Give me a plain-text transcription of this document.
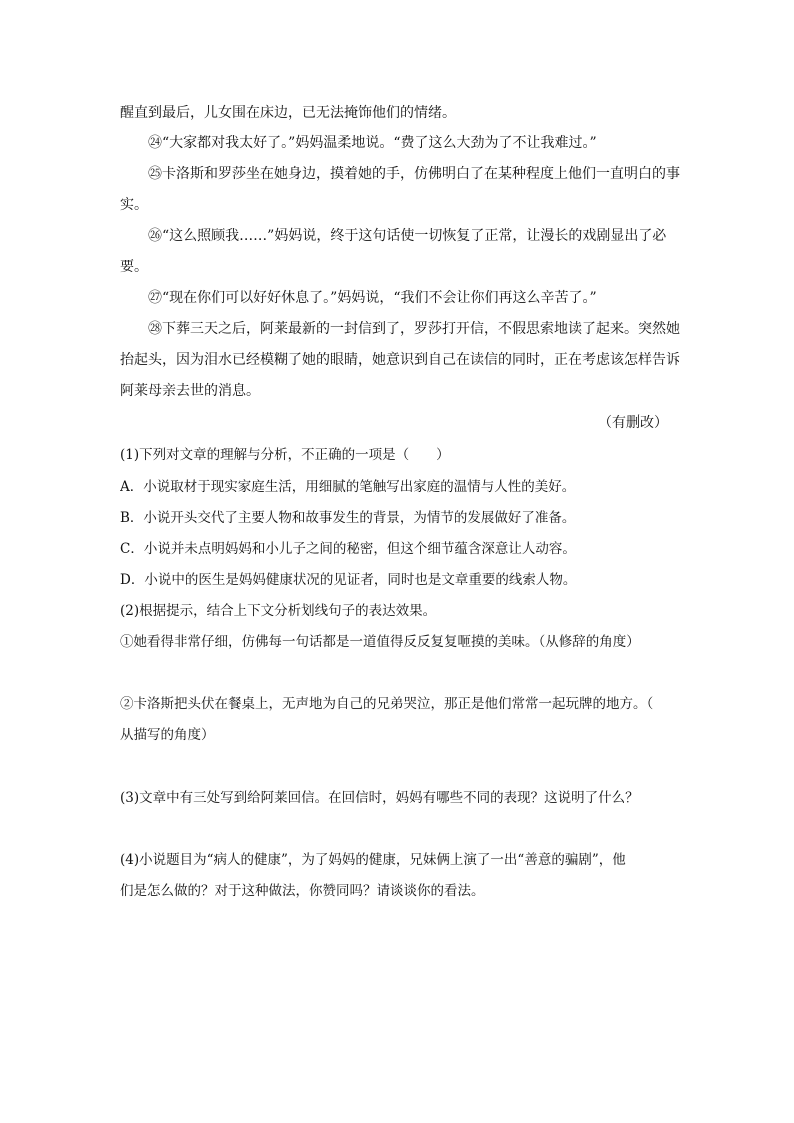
醒直到最后，儿女围在床边，已无法掩饰他们的情绪。
㉔“大家都对我太好了。”妈妈温柔地说。“费了这么大劲为了不让我难过。”
㉕卡洛斯和罗莎坐在她身边，摸着她的手，仿佛明白了在某种程度上他们一直明白的事
实。
㉖“这么照顾我……”妈妈说，终于这句话使一切恢复了正常，让漫长的戏剧显出了必
要。
㉗“现在你们可以好好休息了。”妈妈说，“我们不会让你们再这么辛苦了。”
㉘下葬三天之后，阿莱最新的一封信到了，罗莎打开信，不假思索地读了起来。突然她
抬起头，因为泪水已经模糊了她的眼睛，她意识到自己在读信的同时，正在考虑该怎样告诉
阿莱母亲去世的消息。
（有删改）
(1)下列对文章的理解与分析，不正确的一项是（　　）
A．小说取材于现实家庭生活，用细腻的笔触写出家庭的温情与人性的美好。
B．小说开头交代了主要人物和故事发生的背景，为情节的发展做好了准备。
C．小说并未点明妈妈和小儿子之间的秘密，但这个细节蕴含深意让人动容。
D．小说中的医生是妈妈健康状况的见证者，同时也是文章重要的线索人物。
(2)根据提示，结合上下文分析划线句子的表达效果。
①她看得非常仔细，仿佛每一句话都是一道值得反反复复咂摸的美味。（从修辞的角度）
②卡洛斯把头伏在餐桌上，无声地为自己的兄弟哭泣，那正是他们常常一起玩牌的地方。（
从描写的角度）
(3)文章中有三处写到给阿莱回信。在回信时，妈妈有哪些不同的表现？这说明了什么？
(4)小说题目为“病人的健康”，为了妈妈的健康，兄妹俩上演了一出“善意的骗剧”，他
们是怎么做的？对于这种做法，你赞同吗？请谈谈你的看法。
